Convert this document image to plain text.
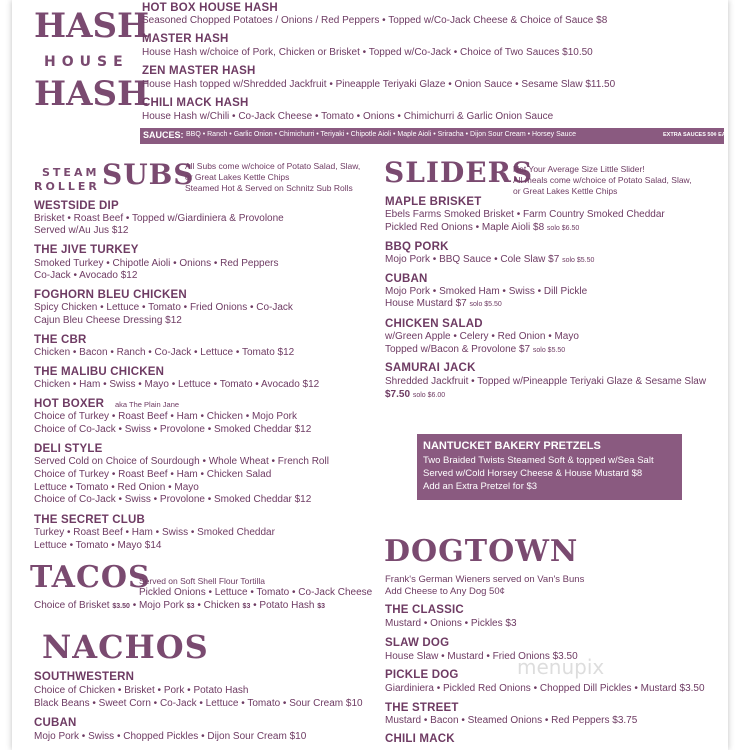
HASH
HOUSE
HASH
HOT BOX HOUSE HASH
Seasoned Chopped Potatoes / Onions / Red Peppers • Topped w/Co-Jack Cheese & Choice of Sauce $8
MASTER HASH
House Hash w/choice of Pork, Chicken or Brisket • Topped w/Co-Jack • Choice of Two Sauces $10.50
ZEN MASTER HASH
House Hash topped w/Shredded Jackfruit • Pineapple Teriyaki Glaze • Onion Sauce • Sesame Slaw $11.50
CHILI MACK HASH
House Hash w/Chili • Co-Jack Cheese • Tomato • Onions • Chimichurri & Garlic Onion Sauce
SAUCES: BBQ • Ranch • Garlic Onion • Chimichurri • Teriyaki • Chipotle Aioli • Maple Aioli • Sriracha • Dijon Sour Cream • Horsey Sauce	EXTRA SAUCES 50¢ EA
STEAM
ROLLER SUBS
All Subs come w/choice of Potato Salad, Slaw,
or Great Lakes Kettle Chips
Steamed Hot & Served on Schnitz Sub Rolls
WESTSIDE DIP
Brisket • Roast Beef • Topped w/Giardiniera & Provolone
Served w/Au Jus $12
THE JIVE TURKEY
Smoked Turkey • Chipotle Aioli • Onions • Red Peppers
Co-Jack • Avocado $12
FOGHORN BLEU CHICKEN
Spicy Chicken • Lettuce • Tomato • Fried Onions • Co-Jack
Cajun Bleu Cheese Dressing $12
THE CBR
Chicken • Bacon • Ranch • Co-Jack • Lettuce • Tomato $12
THE MALIBU CHICKEN
Chicken • Ham • Swiss • Mayo • Lettuce • Tomato • Avocado $12
HOT BOXER aka The Plain Jane
Choice of Turkey • Roast Beef • Ham • Chicken • Mojo Pork
Choice of Co-Jack • Swiss • Provolone • Smoked Cheddar $12
DELI STYLE
Served Cold on Choice of Sourdough • Whole Wheat • French Roll
Choice of Turkey • Roast Beef • Ham • Chicken Salad
Lettuce • Tomato • Red Onion • Mayo
Choice of Co-Jack • Swiss • Provolone • Smoked Cheddar $12
THE SECRET CLUB
Turkey • Roast Beef • Ham • Swiss • Smoked Cheddar
Lettuce • Tomato • Mayo $14
TACOS
Served on Soft Shell Flour Tortilla
Pickled Onions • Lettuce • Tomato • Co-Jack Cheese
Choice of Brisket $3.50 • Mojo Pork $3 • Chicken $3 • Potato Hash $3
NACHOS
SOUTHWESTERN
Choice of Chicken • Brisket • Pork • Potato Hash
Black Beans • Sweet Corn • Co-Jack • Lettuce • Tomato • Sour Cream $10
CUBAN
Mojo Pork • Swiss • Chopped Pickles • Dijon Sour Cream $10
SLIDERS
Not Your Average Size Little Slider!
All meals come w/choice of Potato Salad, Slaw,
or Great Lakes Kettle Chips
MAPLE BRISKET
Ebels Farms Smoked Brisket • Farm Country Smoked Cheddar
Pickled Red Onions • Maple Aioli $8 solo $6.50
BBQ PORK
Mojo Pork • BBQ Sauce • Cole Slaw $7 solo $5.50
CUBAN
Mojo Pork • Smoked Ham • Swiss • Dill Pickle
House Mustard $7 solo $5.50
CHICKEN SALAD
w/Green Apple • Celery • Red Onion • Mayo
Topped w/Bacon & Provolone $7 solo $5.50
SAMURAI JACK
Shredded Jackfruit • Topped w/Pineapple Teriyaki Glaze & Sesame Slaw
$7.50 solo $6.00
NANTUCKET BAKERY PRETZELS
Two Braided Twists Steamed Soft & topped w/Sea Salt
Served w/Cold Horsey Cheese & House Mustard $8
Add an Extra Pretzel for $3
DOGTOWN
Frank's German Wieners served on Van's Buns
Add Cheese to Any Dog 50¢
THE CLASSIC
Mustard • Onions • Pickles $3
SLAW DOG
House Slaw • Mustard • Fried Onions $3.50
PICKLE DOG
Giardiniera • Pickled Red Onions • Chopped Dill Pickles • Mustard $3.50
THE STREET
Mustard • Bacon • Steamed Onions • Red Peppers $3.75
CHILI MACK
menupix
